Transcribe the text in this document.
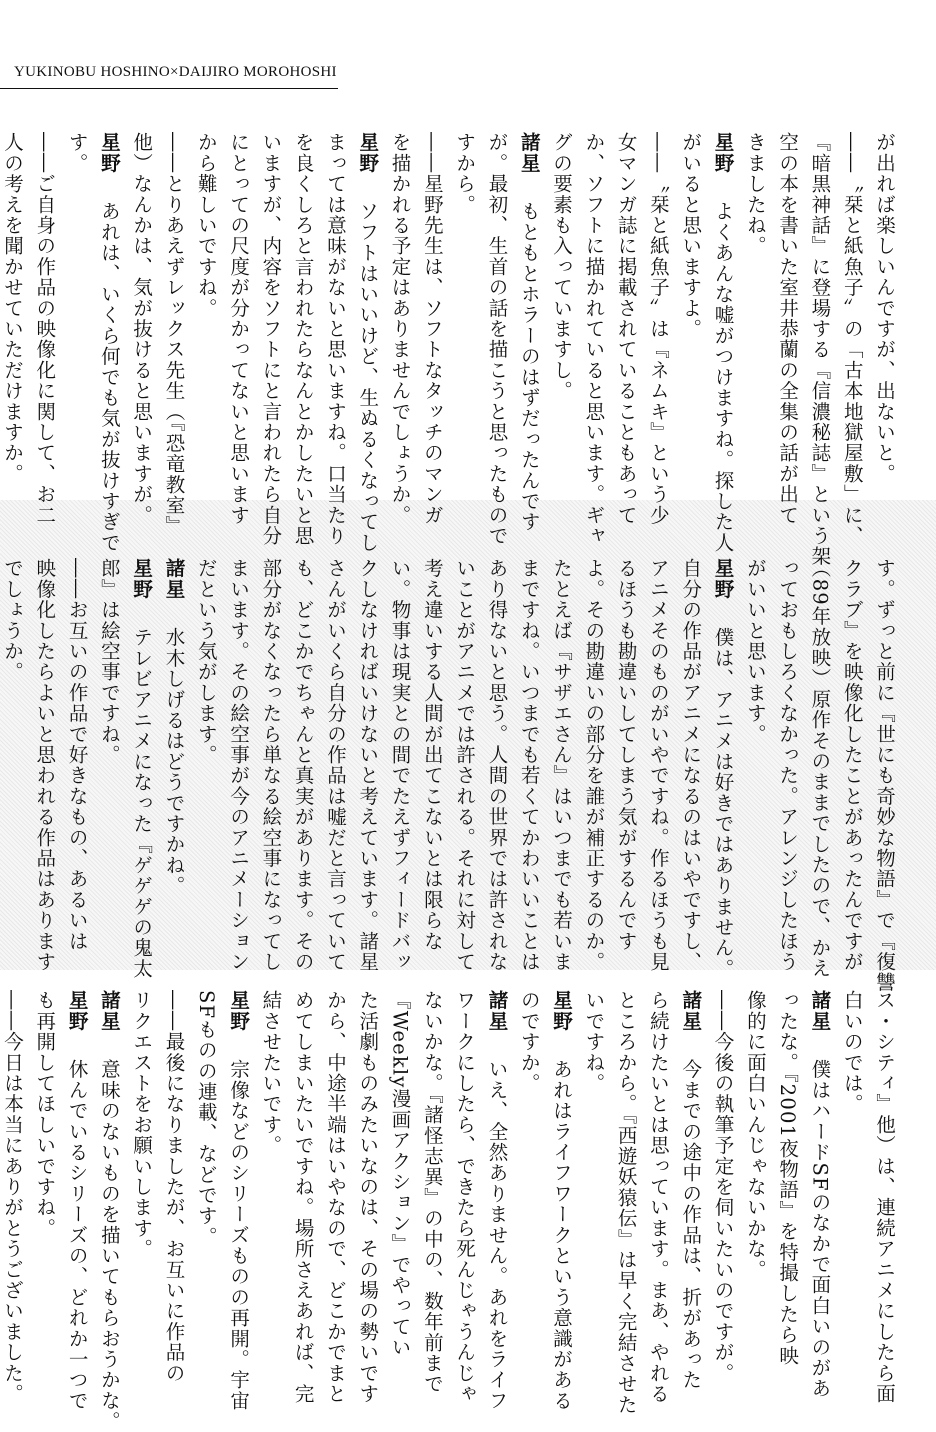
YUKINOBU HOSHINO×DAIJIRO MOROHOSHI

が出れば楽しいんですが、出ないと。

――〝栞と紙魚子〟の「古本地獄屋敷」に、

『暗黒神話』に登場する『信濃秘誌』という架

空の本を書いた室井恭蘭の全集の話が出て

きましたね。

星野よくあんな嘘がつけますね。探した人

がいると思いますよ。

――〝栞と紙魚子〟は『ネムキ』という少

女マンガ誌に掲載されていることもあって

か、ソフトに描かれていると思います。ギャ

グの要素も入っていますし。

諸星もともとホラーのはずだったんです

が。最初、生首の話を描こうと思ったもので

すから。

――星野先生は、ソフトなタッチのマンガ

を描かれる予定はありませんでしょうか。

星野ソフトはいいけど、生ぬるくなってし

まっては意味がないと思いますね。口当たり

を良くしろと言われたらなんとかしたいと思

いますが、内容をソフトにと言われたら自分

にとっての尺度が分かってないと思います

から難しいですね。

――とりあえずレックス先生（『恐竜教室』

他）なんかは、気が抜けると思いますが。

星野あれは、いくら何でも気が抜けすぎで

す。

――ご自身の作品の映像化に関して、お二

人の考えを聞かせていただけますか。

す。ずっと前に『世にも奇妙な物語』で『復讐

クラブ』を映像化したことがあったんですが

（89年放映）原作そのままでしたので、かえ

っておもしろくなかった。アレンジしたほう

がいいと思います。

星野僕は、アニメは好きではありません。

自分の作品がアニメになるのはいやですし、

アニメそのものがいやですね。作るほうも見

るほうも勘違いしてしまう気がするんです

よ。その勘違いの部分を誰が補正するのか。

たとえば『サザエさん』はいつまでも若いま

まですね。いつまでも若くてかわいいことは

あり得ないと思う。人間の世界では許されな

いことがアニメでは許される。それに対して

考え違いする人間が出てこないとは限らな

い。物事は現実との間でたえずフィードバッ

クしなければいけないと考えています。諸星

さんがいくら自分の作品は嘘だと言っていて

も、どこかでちゃんと真実があります。その

部分がなくなったら単なる絵空事になってし

まいます。その絵空事が今のアニメーション

だという気がします。

諸星水木しげるはどうですかね。

星野テレビアニメになった『ゲゲゲの鬼太

郎』は絵空事ですね。

――お互いの作品で好きなもの、あるいは

映像化したらよいと思われる作品はあります

でしょうか。

ス・シティ』他）は、連続アニメにしたら面

白いのでは。

諸星僕はハードSFのなかで面白いのがあ

ったな。『2001夜物語』を特撮したら映

像的に面白いんじゃないかな。

――今後の執筆予定を伺いたいのですが。

諸星今までの途中の作品は、折があった

ら続けたいとは思っています。まあ、やれる

ところから。『西遊妖猿伝』は早く完結させた

いですね。

星野あれはライフワークという意識がある

のですか。

諸星いえ、全然ありません。あれをライフ

ワークにしたら、できたら死んじゃうんじゃ

ないかな。『諸怪志異』の中の、数年前まで

『Weekly漫画アクション』でやってい

た活劇ものみたいなのは、その場の勢いです

から、中途半端はいやなので、どこかでまと

めてしまいたいですね。場所さえあれば、完

結させたいです。

星野宗像などのシリーズものの再開。宇宙

SFものの連載、などです。

――最後になりましたが、お互いに作品の

リクエストをお願いします。

諸星意味のないものを描いてもらおうかな。

星野休んでいるシリーズの、どれか一つで

も再開してほしいですね。

――今日は本当にありがとうございました。
